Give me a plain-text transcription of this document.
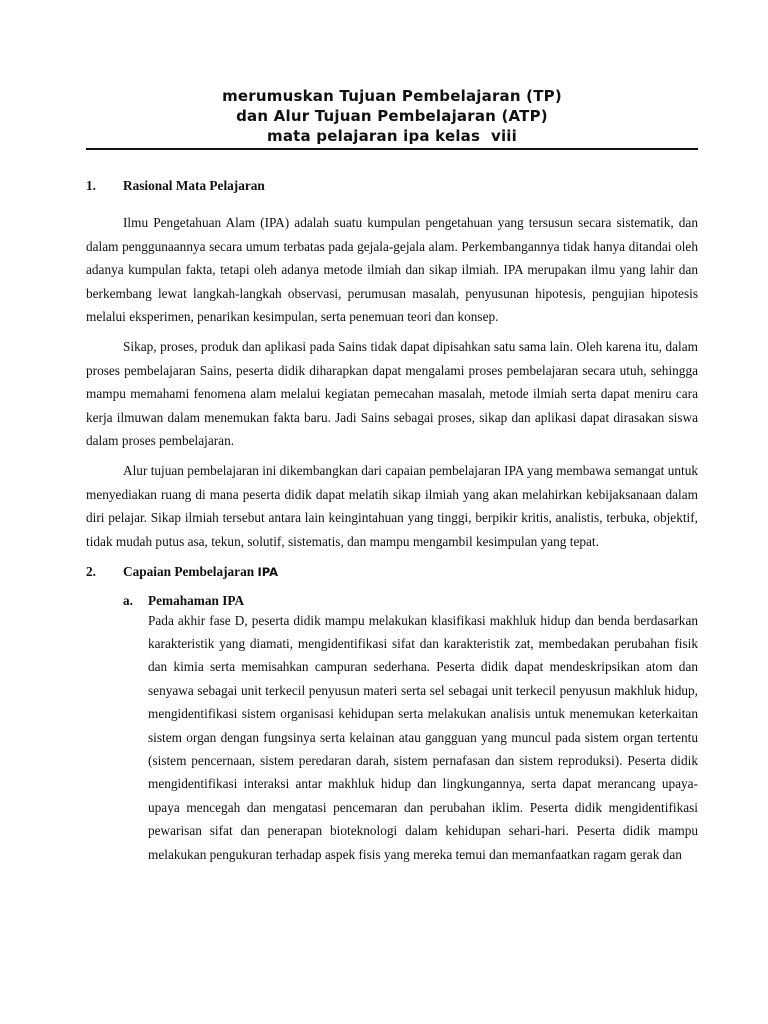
merumuskan Tujuan Pembelajaran (TP)
dan Alur Tujuan Pembelajaran (ATP)
mata pelajaran ipa kelas  viii
1.	Rasional Mata Pelajaran

Ilmu Pengetahuan Alam (IPA) adalah suatu kumpulan pengetahuan yang tersusun secara sistematik, dan dalam penggunaannya secara umum terbatas pada gejala-gejala alam. Perkembangannya tidak hanya ditandai oleh adanya kumpulan fakta, tetapi oleh adanya metode ilmiah dan sikap ilmiah. IPA merupakan ilmu yang lahir dan berkembang lewat langkah-langkah observasi, perumusan masalah, penyusunan hipotesis, pengujian hipotesis melalui eksperimen, penarikan kesimpulan, serta penemuan teori dan konsep.

Sikap, proses, produk dan aplikasi pada Sains tidak dapat dipisahkan satu sama lain. Oleh karena itu, dalam proses pembelajaran Sains, peserta didik diharapkan dapat mengalami proses pembelajaran secara utuh, sehingga mampu memahami fenomena alam melalui kegiatan pemecahan masalah, metode ilmiah serta dapat meniru cara kerja ilmuwan dalam menemukan fakta baru. Jadi Sains sebagai proses, sikap dan aplikasi dapat dirasakan siswa dalam proses pembelajaran.

Alur tujuan pembelajaran ini dikembangkan dari capaian pembelajaran IPA yang membawa semangat untuk menyediakan ruang di mana peserta didik dapat melatih sikap ilmiah yang akan melahirkan kebijaksanaan dalam diri pelajar. Sikap ilmiah tersebut antara lain keingintahuan yang tinggi, berpikir kritis, analistis, terbuka, objektif, tidak mudah putus asa, tekun, solutif, sistematis, dan mampu mengambil kesimpulan yang tepat.

2.	Capaian Pembelajaran IPA
a.	Pemahaman IPA

Pada akhir fase D, peserta didik mampu melakukan klasifikasi makhluk hidup dan benda berdasarkan karakteristik yang diamati, mengidentifikasi sifat dan karakteristik zat, membedakan perubahan fisik dan kimia serta memisahkan campuran sederhana. Peserta didik dapat mendeskripsikan atom dan senyawa sebagai unit terkecil penyusun materi serta sel sebagai unit terkecil penyusun makhluk hidup, mengidentifikasi sistem organisasi kehidupan serta melakukan analisis untuk menemukan keterkaitan sistem organ dengan fungsinya serta kelainan atau gangguan yang muncul pada sistem organ tertentu (sistem pencernaan, sistem peredaran darah, sistem pernafasan dan sistem reproduksi). Peserta didik mengidentifikasi interaksi antar makhluk hidup dan lingkungannya, serta dapat merancang upaya-upaya mencegah dan mengatasi pencemaran dan perubahan iklim. Peserta didik mengidentifikasi pewarisan sifat dan penerapan bioteknologi dalam kehidupan sehari-hari. Peserta didik mampu melakukan pengukuran terhadap aspek fisis yang mereka temui dan memanfaatkan ragam gerak dan
